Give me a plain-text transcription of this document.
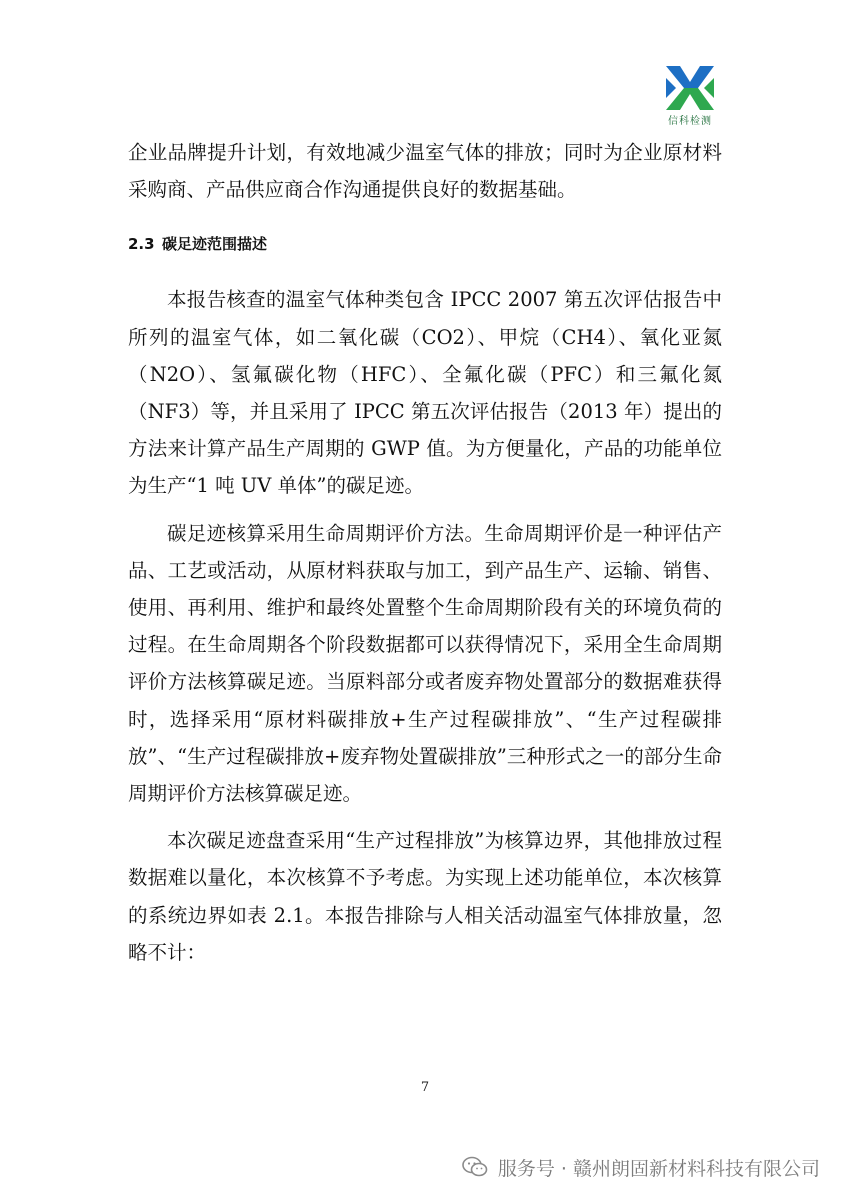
信科检测

企业品牌提升计划，有效地减少温室气体的排放；同时为企业原材料采购商、产品供应商合作沟通提供良好的数据基础。

2.3 碳足迹范围描述

本报告核查的温室气体种类包含 IPCC 2007 第五次评估报告中所列的温室气体，如二氧化碳（CO2）、甲烷（CH4）、氧化亚氮（N2O）、氢氟碳化物（HFC）、全氟化碳（PFC）和三氟化氮（NF3）等，并且采用了 IPCC 第五次评估报告（2013 年）提出的方法来计算产品生产周期的 GWP 值。为方便量化，产品的功能单位为生产“1 吨 UV 单体”的碳足迹。

碳足迹核算采用生命周期评价方法。生命周期评价是一种评估产品、工艺或活动，从原材料获取与加工，到产品生产、运输、销售、使用、再利用、维护和最终处置整个生命周期阶段有关的环境负荷的过程。在生命周期各个阶段数据都可以获得情况下，采用全生命周期评价方法核算碳足迹。当原料部分或者废弃物处置部分的数据难获得时，选择采用“原材料碳排放+生产过程碳排放”、“生产过程碳排放”、“生产过程碳排放+废弃物处置碳排放”三种形式之一的部分生命周期评价方法核算碳足迹。

本次碳足迹盘查采用“生产过程排放”为核算边界，其他排放过程数据难以量化，本次核算不予考虑。为实现上述功能单位，本次核算的系统边界如表 2.1。本报告排除与人相关活动温室气体排放量，忽略不计：

7
服务号 · 赣州朗固新材料科技有限公司
